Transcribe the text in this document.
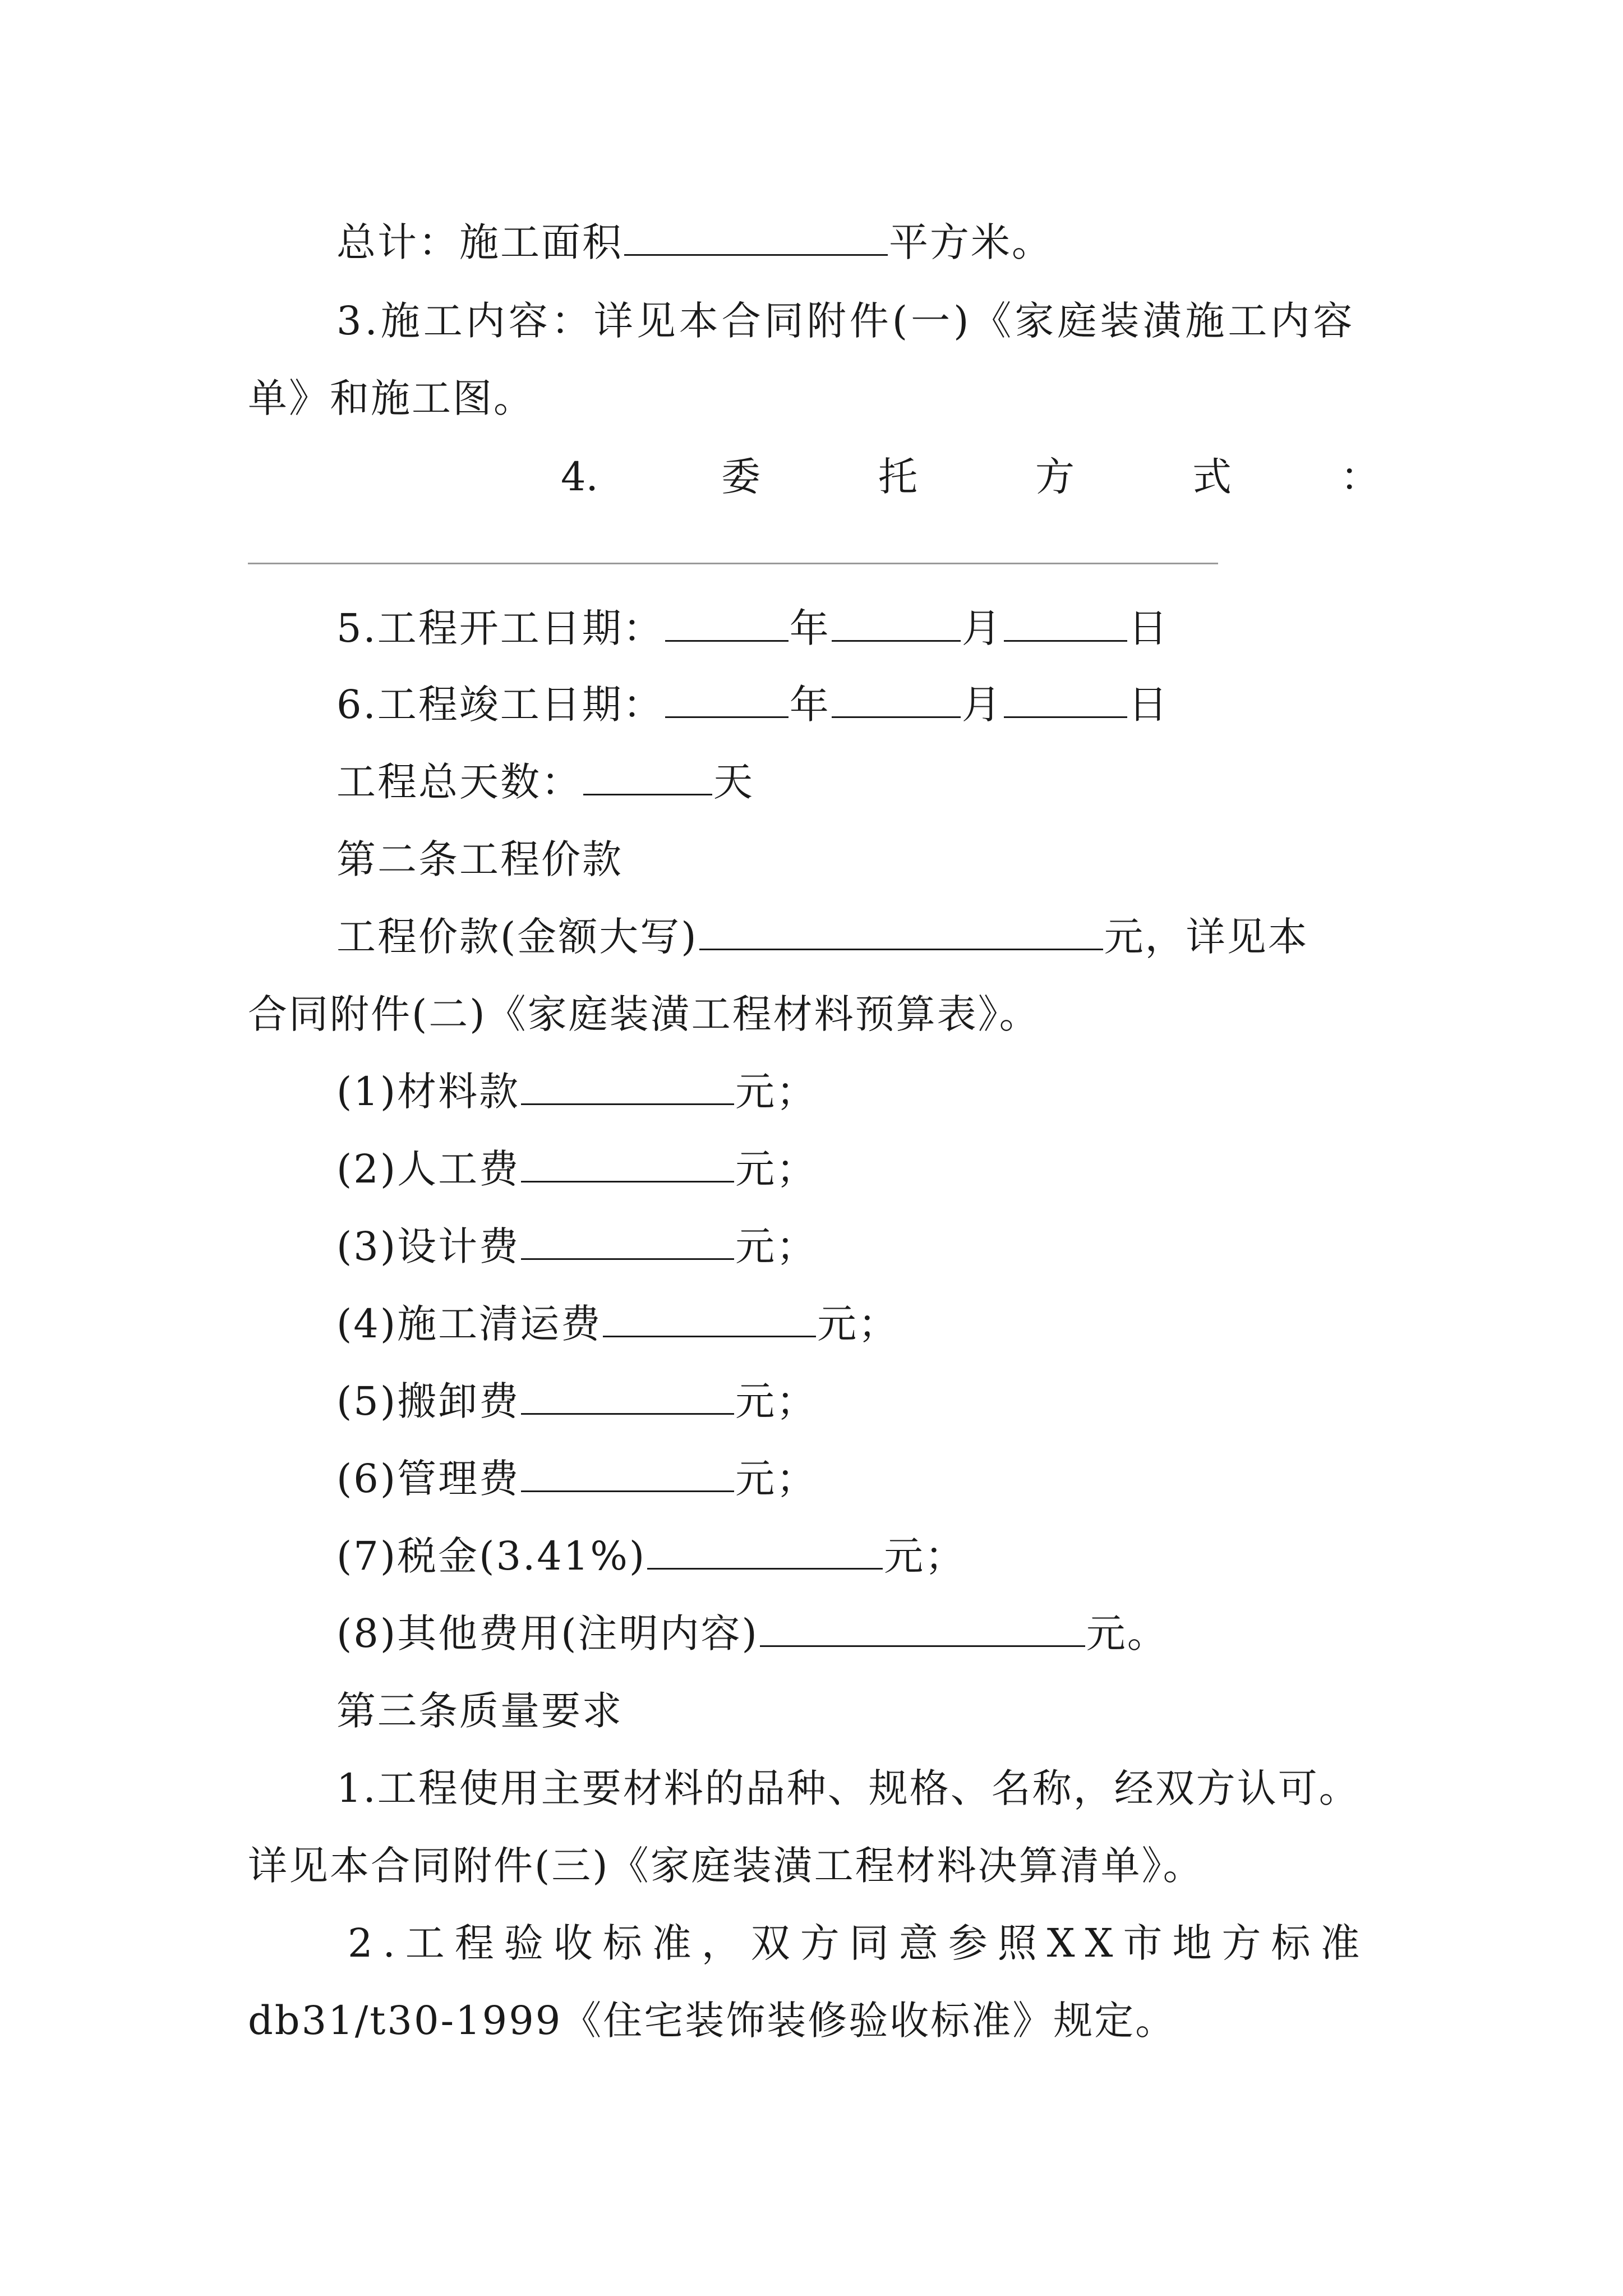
总计：施工面积	平方米。
3.施工内容：详见本合同附件(一)《家庭装潢施工内容
单》和施工图。
4.	委	托	方	式	：
5.工程开工日期：	年	月	日
6.工程竣工日期：	年	月	日
工程总天数：	天
第二条工程价款
工程价款(金额大写)	元，详见本
合同附件(二)《家庭装潢工程材料预算表》。
(1)材料款	元；
(2)人工费	元；
(3)设计费	元；
(4)施工清运费	元；
(5)搬卸费	元；
(6)管理费	元；
(7)税金(3.41%)	元；
(8)其他费用(注明内容)	元。
第三条质量要求
1.工程使用主要材料的品种、规格、名称，经双方认可。
详见本合同附件(三)《家庭装潢工程材料决算清单》。
2.工程验收标准，双方同意参照XX市地方标准
db31/t30-1999《住宅装饰装修验收标准》规定。
